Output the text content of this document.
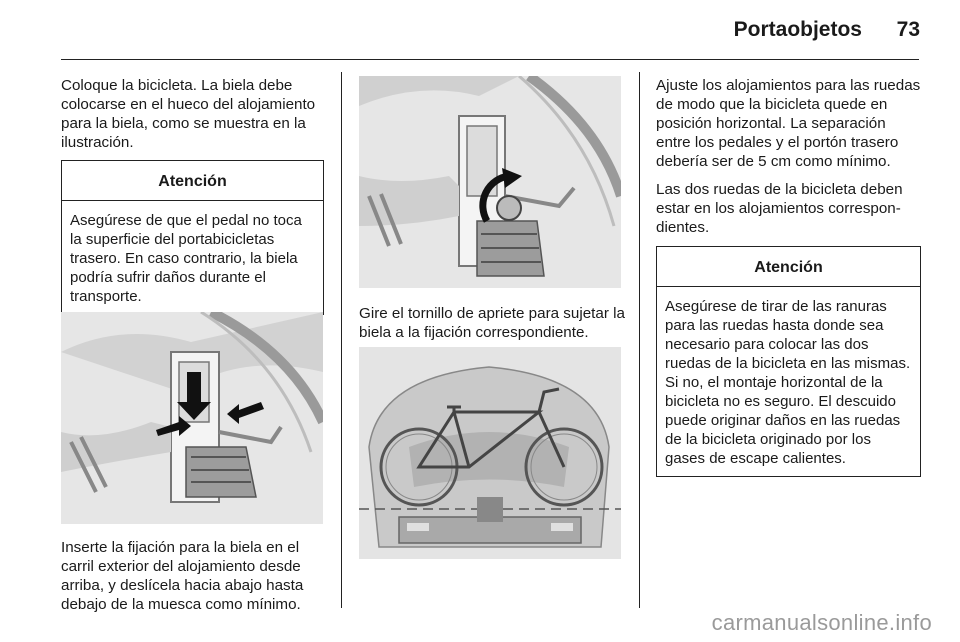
Portaobjetos 73

Coloque la bicicleta. La biela debe colocarse en el hueco del alojamiento para la biela, como se muestra en la ilustración.

Atención
Asegúrese de que el pedal no toca la superficie del portabicicletas trasero. En caso contrario, la biela podría sufrir daños durante el transporte.

Inserte la fijación para la biela en el carril exterior del alojamiento desde arriba, y deslícela hacia abajo hasta debajo de la muesca como mínimo.

Gire el tornillo de apriete para sujetar la biela a la fijación correspondiente.

Ajuste los alojamientos para las ruedas de modo que la bicicleta quede en posición horizontal. La separación entre los pedales y el portón trasero debería ser de 5 cm como mínimo.

Las dos ruedas de la bicicleta deben estar en los alojamientos correspondientes.

Atención
Asegúrese de tirar de las ranuras para las ruedas hasta donde sea necesario para colocar las dos ruedas de la bicicleta en las mismas. Si no, el montaje horizontal de la bicicleta no es seguro. El descuido puede originar daños en las ruedas de la bicicleta originado por los gases de escape calientes.
carmanualsonline.info
